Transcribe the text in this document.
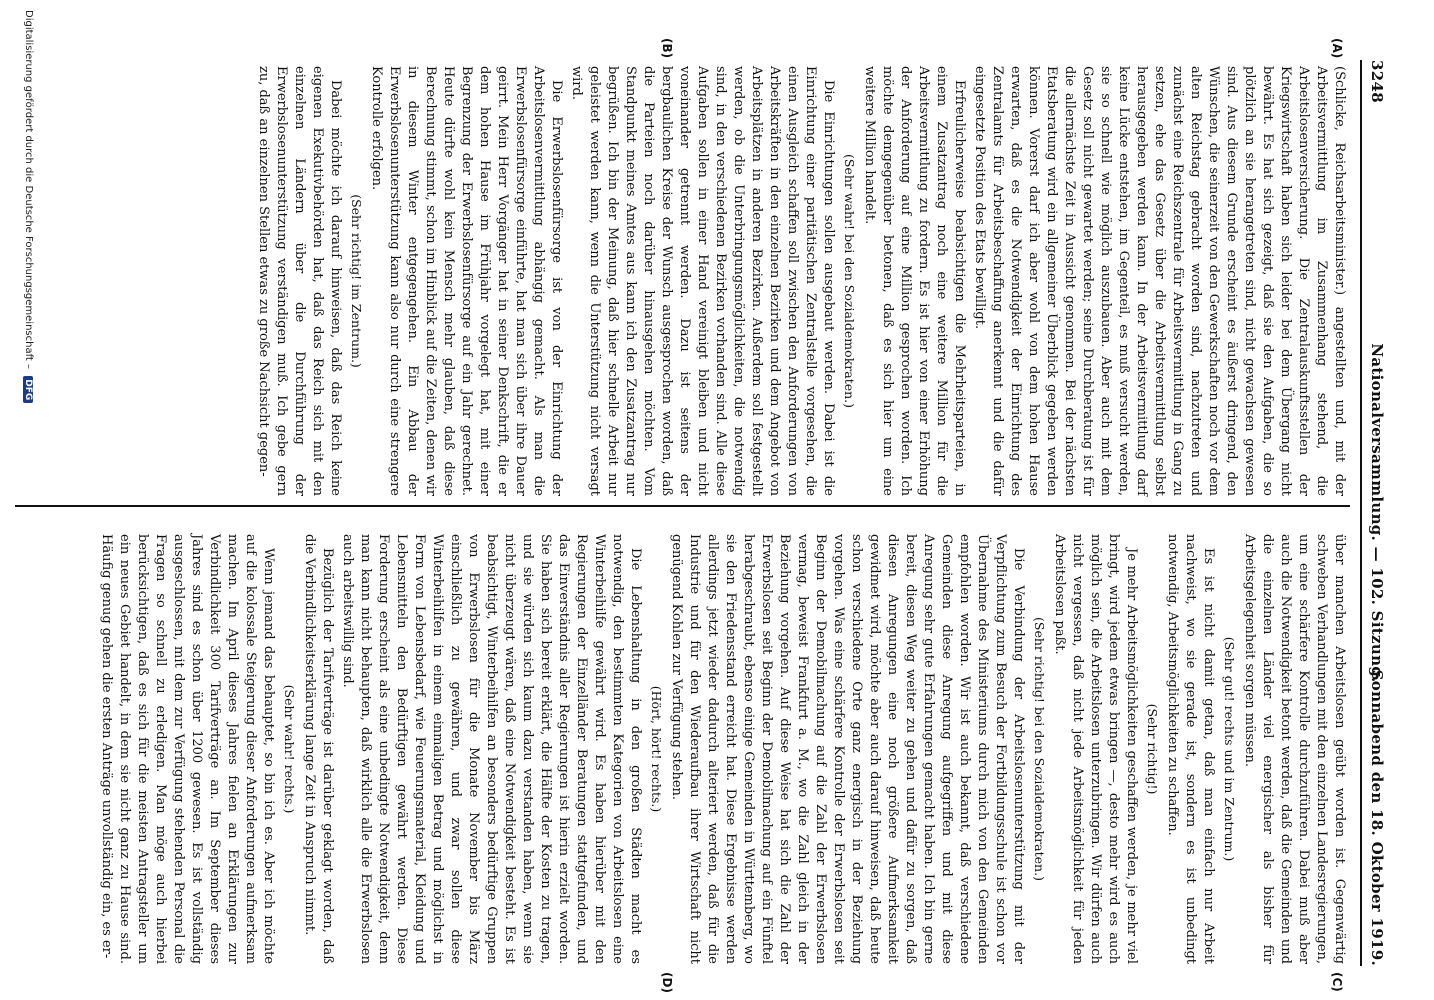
3248
Nationalversammlung. — 102. Sitzung.
Sonnabend den 18. Oktober 1919.
(A)
(B)
(C)
(D)

(Schlicke, Reichsarbeitsminister.) angestellten und, mit der Arbeitsvermittlung im Zusammenhang stehend, die Arbeitslosenversicherung. Die Zentralauskunftsstellen der Kriegswirtschaft haben sich leider bei dem Übergang nicht bewährt. Es hat sich gezeigt, daß sie den Aufgaben, die so plötzlich an sie herangetreten sind, nicht gewachsen gewesen sind. Aus diesem Grunde erscheint es äußerst dringend, den Wünschen, die seinerzeit von den Gewerkschaften noch vor dem alten Reichstag gebracht worden sind, nachzutreten und zunächst eine Reichszentrale für Arbeitsvermittlung in Gang zu setzen, ehe das Gesetz über die Arbeitsvermittlung selbst herausgegeben werden kann. In der Arbeitsvermittlung darf keine Lücke entstehen, im Gegenteil, es muß versucht werden, sie so schnell wie möglich auszubauen. Aber auch mit dem Gesetz soll nicht gewartet werden; seine Durchberatung ist für die allernächste Zeit in Aussicht genommen. Bei der nächsten Etatsberatung wird ein allgemeiner Überblick gegeben werden können. Vorerst darf ich aber wohl von dem hohen Hause erwarten, daß es die Notwendigkeit der Einrichtung des Zentralamts für Arbeitsbeschaffung anerkennt und die dafür eingesetzte Position des Etats bewilligt.

Erfreulicherweise beabsichtigen die Mehrheitsparteien, in einem Zusatzantrag noch eine weitere Million für die Arbeitsvermittlung zu fordern. Es ist hier von einer Erhöhung der Anforderung auf eine Million gesprochen worden. Ich möchte demgegenüber betonen, daß es sich hier um eine weitere Million handelt.

(Sehr wahr! bei den Sozialdemokraten.)

Die Einrichtungen sollen ausgebaut werden. Dabei ist die Einrichtung einer paritätischen Zentralstelle vorgesehen, die einen Ausgleich schaffen soll zwischen den Anforderungen von Arbeitskräften in den einzelnen Bezirken und dem Angebot von Arbeitsplätzen in anderen Bezirken. Außerdem soll festgestellt werden, ob die Unterbringungsmöglichkeiten, die notwendig sind, in den verschiedenen Bezirken vorhanden sind. Alle diese Aufgaben sollen in einer Hand vereinigt bleiben und nicht voneinander getrennt werden. Dazu ist seitens der bergbaulichen Kreise der Wunsch ausgesprochen worden, daß die Parteien noch darüber hinausgehen möchten. Vom Standpunkt meines Amtes aus kann ich den Zusatzantrag nur begrüßen. Ich bin der Meinung, daß hier schnelle Arbeit nur geleistet werden kann, wenn die Unterstützung nicht versagt wird.

Die Erwerbslosenfürsorge ist von der Einrichtung der Arbeitslosenvermittlung abhängig gemacht. Als man die Erwerbslosenfürsorge einführte, hat man sich über ihre Dauer geirrt. Mein Herr Vorgänger hat in seiner Denkschrift, die er dem hohen Hause im Frühjahr vorgelegt hat, mit einer Begrenzung der Erwerbslosenfürsorge auf ein Jahr gerechnet. Heute dürfte wohl kein Mensch mehr glauben, daß diese Berechnung stimmt, schon im Hinblick auf die Zeiten, denen wir in diesem Winter entgegengehen. Ein Abbau der Erwerbslosenunterstützung kann also nur durch eine strengere Kontrolle erfolgen.

(Sehr richtig! im Zentrum.)

Dabei möchte ich darauf hinweisen, daß das Reich keine eigenen Exekutivbehörden hat, daß das Reich sich mit den einzelnen Ländern über die Durchführung der Erwerbslosenunterstützung verständigen muß. Ich gebe gern zu, daß an einzelnen Stellen etwas zu große Nachsicht gegen-

über manchen Arbeitslosen geübt worden ist. Gegenwärtig schweben Verhandlungen mit den einzelnen Landesregierungen, um eine schärfere Kontrolle durchzuführen. Dabei muß aber auch die Notwendigkeit betont werden, daß die Gemeinden und die einzelnen Länder viel energischer als bisher für Arbeitsgelegenheit sorgen müssen.

(Sehr gut! rechts und im Zentrum.)

Es ist nicht damit getan, daß man einfach nur Arbeit nachweist, wo sie gerade ist, sondern es ist unbedingt notwendig, Arbeitsmöglichkeiten zu schaffen.

(Sehr richtig!)

Je mehr Arbeitsmöglichkeiten geschaffen werden, je mehr viel bringt, wird jedem etwas bringen —, desto mehr wird es auch möglich sein, die Arbeitslosen unterzubringen. Wir dürfen auch nicht vergessen, daß nicht jede Arbeitsmöglichkeit für jeden Arbeitslosen paßt.

(Sehr richtig! bei den Sozialdemokraten.)

Die Verbindung der Arbeitslosenunterstützung mit der Verpflichtung zum Besuch der Fortbildungsschule ist schon vor Übernahme des Ministeriums durch mich von den Gemeinden empfohlen worden. Wir ist auch bekannt, daß verschiedene Gemeinden diese Anregung aufgegriffen und mit diese Anregung sehr gute Erfahrungen gemacht haben. Ich bin gerne bereit, diesen Weg weiter zu gehen und dafür zu sorgen, daß diesen Anregungen eine noch größere Aufmerksamkeit gewidmet wird, möchte aber auch darauf hinweisen, daß heute schon verschiedene Orte ganz energisch in der Beziehung vorgehen. Was eine schärfere Kontrolle der Erwerbslosen seit Beginn der Demobilmachung auf die Zahl der Erwerbslosen vermag, beweist Frankfurt a. M., wo die Zahl gleich in der Beziehung vorgehen. Auf diese Weise hat sich die Zahl der Erwerbslosen seit Beginn der Demobilmachung auf ein Fünftel herabgeschraubt, ebenso einige Gemeinden in Württemberg, wo sie den Friedensstand erreicht hat. Diese Ergebnisse werden allerdings jetzt wieder dadurch alteriert werden, daß für die Industrie und für den Wiederaufbau ihrer Wirtschaft nicht genügend Kohlen zur Verfügung stehen.

(Hört, hört! rechts.)

Die Lebenshaltung in den großen Städten macht es notwendig, den bestimmten Kategorien von Arbeitslosen eine Winterbeihilfe gewährt wird. Es haben hierüber mit den Regierungen der Einzelländer Beratungen stattgefunden, und das Einverständnis aller Regierungen ist hierin erzielt worden. Sie haben sich bereit erklärt, die Hälfte der Kosten zu tragen, und sie würden sich kaum dazu verstanden haben, wenn sie nicht überzeugt wären, daß eine Notwendigkeit besteht. Es ist beabsichtigt, Winterbeihilfen an besonders bedürftige Gruppen von Erwerbslosen für die Monate November bis März einschließlich zu gewähren, und zwar sollen diese Winterbeihilfen in einem einmaligen Betrag und möglichst in Form von Lebensbedarf, wie Feuerungsmaterial, Kleidung und Lebensmitteln den Bedürftigen gewährt werden. Diese Forderung erscheint als eine unbedingte Notwendigkeit, denn man kann nicht behaupten, daß wirklich alle die Erwerbslosen auch arbeitswillig sind.

Bezüglich der Tarifverträge ist darüber geklagt worden, daß die Verbindlichkeitserklärung lange Zeit in Anspruch nimmt.

(Sehr wahr! rechts.)

Wenn jemand das behauptet, so bin ich es. Aber ich möchte auf die kolossale Steigerung dieser Anforderungen aufmerksam machen. Im April dieses Jahres fielen an Erklärungen zur Verbindlichkeit 300 Tarifverträge an. Im September dieses Jahres sind es schon über 1200 gewesen. Es ist vollständig ausgeschlossen, mit dem zur Verfügung stehenden Personal die Fragen so schnell zu erledigen. Man möge auch hierbei berücksichtigen, daß es sich für die meisten Antragsteller um ein neues Gebiet handelt, in dem sie nicht ganz zu Hause sind. Häufig genug gehen die ersten Anträge unvollständig ein, es er-

Digitalisierung gefördert durch die Deutsche Forschungsgemeinschaft – DFG
